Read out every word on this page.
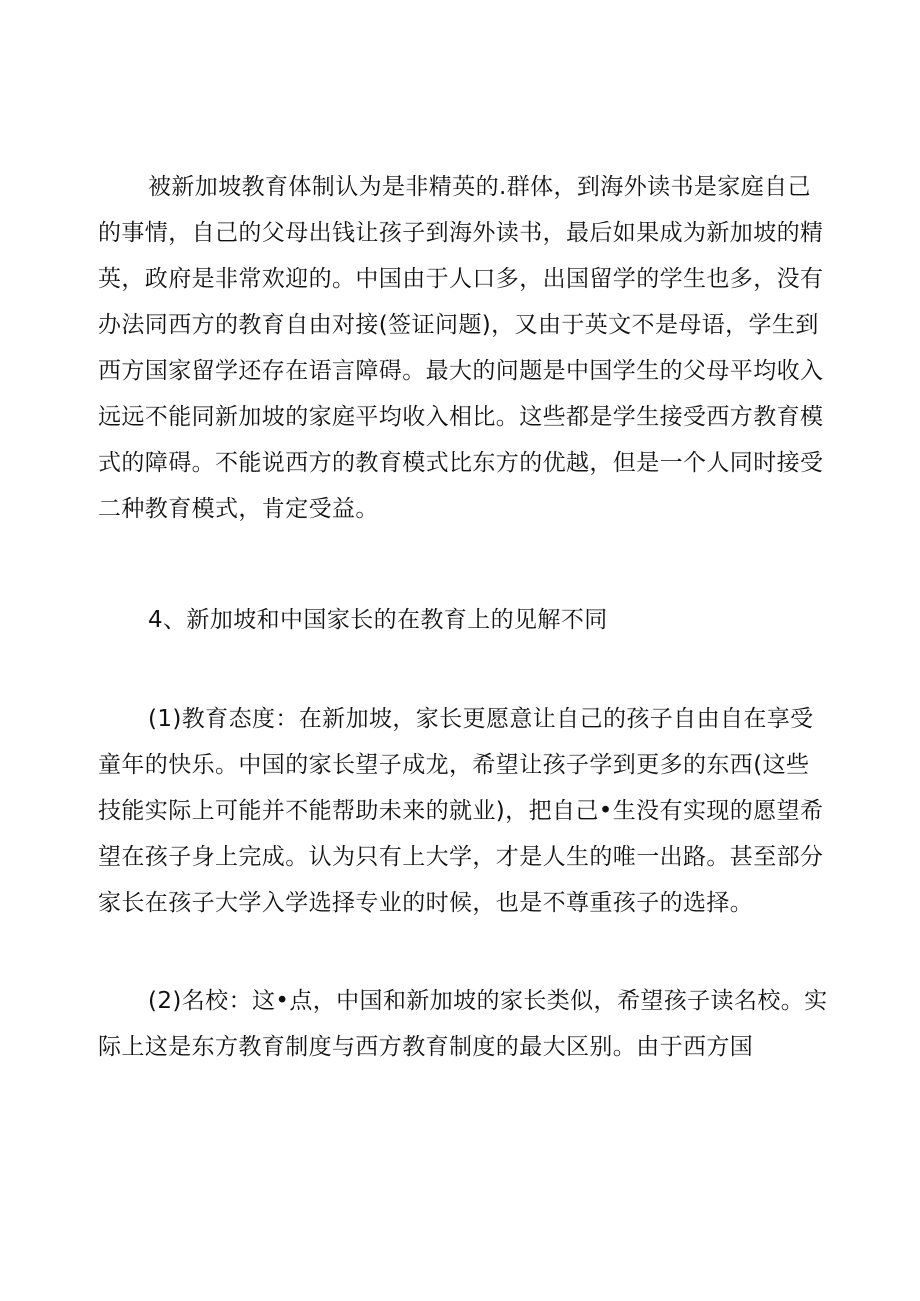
被新加坡教育体制认为是非精英的.群体，到海外读书是家庭自己
的事情，自己的父母出钱让孩子到海外读书，最后如果成为新加坡的精
英，政府是非常欢迎的。中国由于人口多，出国留学的学生也多，没有
办法同西方的教育自由对接(签证问题)，又由于英文不是母语，学生到
西方国家留学还存在语言障碍。最大的问题是中国学生的父母平均收入
远远不能同新加坡的家庭平均收入相比。这些都是学生接受西方教育模
式的障碍。不能说西方的教育模式比东方的优越，但是一个人同时接受
二种教育模式，肯定受益。
4、新加坡和中国家长的在教育上的见解不同
(1)教育态度：在新加坡，家长更愿意让自己的孩子自由自在享受
童年的快乐。中国的家长望子成龙，希望让孩子学到更多的东西(这些
技能实际上可能并不能帮助未来的就业)，把自己•生没有实现的愿望希
望在孩子身上完成。认为只有上大学，才是人生的唯一出路。甚至部分
家长在孩子大学入学选择专业的时候，也是不尊重孩子的选择。
(2)名校：这•点，中国和新加坡的家长类似，希望孩子读名校。实
际上这是东方教育制度与西方教育制度的最大区别。由于西方国
